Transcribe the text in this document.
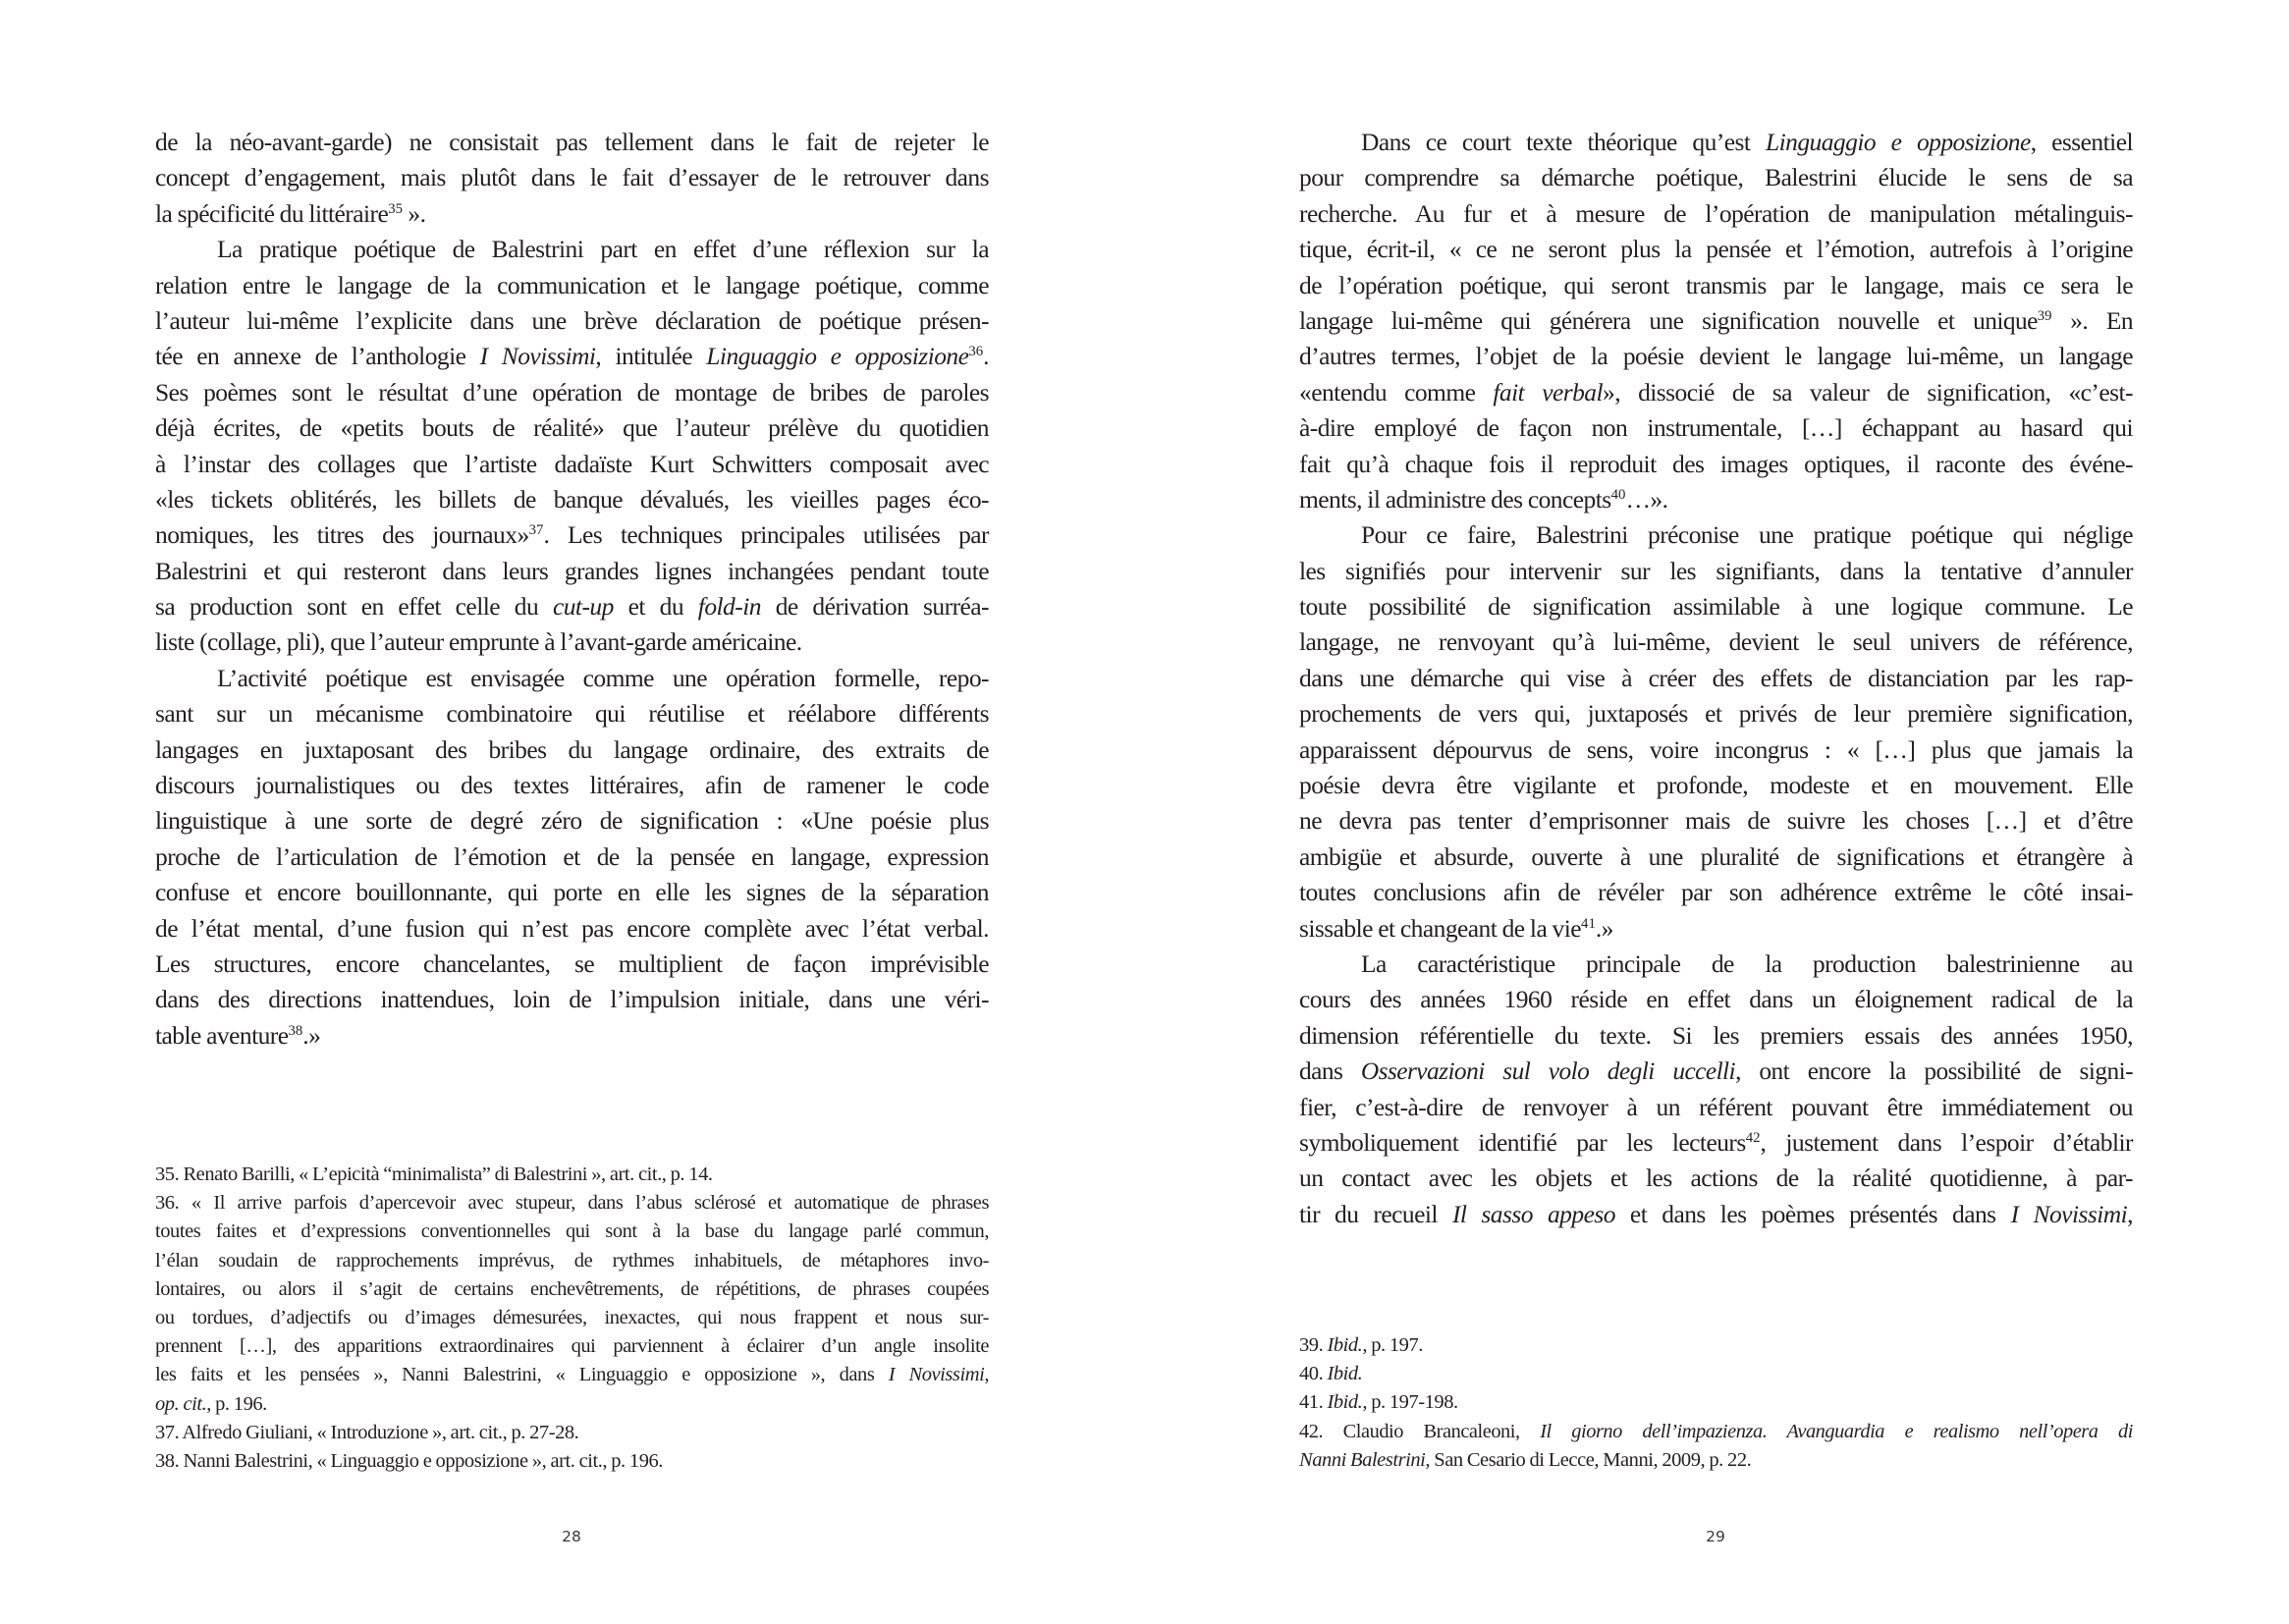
de la néo-avant-garde) ne consistait pas tellement dans le fait de rejeter le
concept d’engagement, mais plutôt dans le fait d’essayer de le retrouver dans
la spécificité du littéraire$^{35}$ ».
La pratique poétique de Balestrini part en effet d’une réflexion sur la
relation entre le langage de la communication et le langage poétique, comme
l’auteur lui-même l’explicite dans une brève déclaration de poétique présen-
tée en annexe de l’anthologie I Novissimi, intitulée Linguaggio e opposizione$^{36}$.
Ses poèmes sont le résultat d’une opération de montage de bribes de paroles
déjà écrites, de «petits bouts de réalité» que l’auteur prélève du quotidien
à l’instar des collages que l’artiste dadaïste Kurt Schwitters composait avec
«les tickets oblitérés, les billets de banque dévalués, les vieilles pages éco-
nomiques, les titres des journaux»$^{37}$. Les techniques principales utilisées par
Balestrini et qui resteront dans leurs grandes lignes inchangées pendant toute
sa production sont en effet celle du cut-up et du fold-in de dérivation surréa-
liste (collage, pli), que l’auteur emprunte à l’avant-garde américaine.
L’activité poétique est envisagée comme une opération formelle, repo-
sant sur un mécanisme combinatoire qui réutilise et réélabore différents
langages en juxtaposant des bribes du langage ordinaire, des extraits de
discours journalistiques ou des textes littéraires, afin de ramener le code
linguistique à une sorte de degré zéro de signification : «Une poésie plus
proche de l’articulation de l’émotion et de la pensée en langage, expression
confuse et encore bouillonnante, qui porte en elle les signes de la séparation
de l’état mental, d’une fusion qui n’est pas encore complète avec l’état verbal.
Les structures, encore chancelantes, se multiplient de façon imprévisible
dans des directions inattendues, loin de l’impulsion initiale, dans une véri-
table aventure$^{38}$.»
35. Renato Barilli, « L’epicità “minimalista” di Balestrini », art. cit., p. 14.
36. « Il arrive parfois d’apercevoir avec stupeur, dans l’abus sclérosé et automatique de phrases
toutes faites et d’expressions conventionnelles qui sont à la base du langage parlé commun,
l’élan soudain de rapprochements imprévus, de rythmes inhabituels, de métaphores invo-
lontaires, ou alors il s’agit de certains enchevêtrements, de répétitions, de phrases coupées
ou tordues, d’adjectifs ou d’images démesurées, inexactes, qui nous frappent et nous sur-
prennent […], des apparitions extraordinaires qui parviennent à éclairer d’un angle insolite
les faits et les pensées », Nanni Balestrini, « Linguaggio e opposizione », dans I Novissimi,
op. cit., p. 196.
37. Alfredo Giuliani, « Introduzione », art. cit., p. 27-28.
38. Nanni Balestrini, « Linguaggio e opposizione », art. cit., p. 196.
28
Dans ce court texte théorique qu’est Linguaggio e opposizione, essentiel
pour comprendre sa démarche poétique, Balestrini élucide le sens de sa
recherche. Au fur et à mesure de l’opération de manipulation métalinguis-
tique, écrit-il, « ce ne seront plus la pensée et l’émotion, autrefois à l’origine
de l’opération poétique, qui seront transmis par le langage, mais ce sera le
langage lui-même qui générera une signification nouvelle et unique$^{39}$ ». En
d’autres termes, l’objet de la poésie devient le langage lui-même, un langage
«entendu comme fait verbal», dissocié de sa valeur de signification, «c’est-
à-dire employé de façon non instrumentale, […] échappant au hasard qui
fait qu’à chaque fois il reproduit des images optiques, il raconte des événe-
ments, il administre des concepts$^{40}$…».
Pour ce faire, Balestrini préconise une pratique poétique qui néglige
les signifiés pour intervenir sur les signifiants, dans la tentative d’annuler
toute possibilité de signification assimilable à une logique commune. Le
langage, ne renvoyant qu’à lui-même, devient le seul univers de référence,
dans une démarche qui vise à créer des effets de distanciation par les rap-
prochements de vers qui, juxtaposés et privés de leur première signification,
apparaissent dépourvus de sens, voire incongrus : « […] plus que jamais la
poésie devra être vigilante et profonde, modeste et en mouvement. Elle
ne devra pas tenter d’emprisonner mais de suivre les choses […] et d’être
ambigüe et absurde, ouverte à une pluralité de significations et étrangère à
toutes conclusions afin de révéler par son adhérence extrême le côté insai-
sissable et changeant de la vie$^{41}$.»
La caractéristique principale de la production balestrinienne au
cours des années 1960 réside en effet dans un éloignement radical de la
dimension référentielle du texte. Si les premiers essais des années 1950,
dans Osservazioni sul volo degli uccelli, ont encore la possibilité de signi-
fier, c’est-à-dire de renvoyer à un référent pouvant être immédiatement ou
symboliquement identifié par les lecteurs$^{42}$, justement dans l’espoir d’établir
un contact avec les objets et les actions de la réalité quotidienne, à par-
tir du recueil Il sasso appeso et dans les poèmes présentés dans I Novissimi,
39. Ibid., p. 197.
40. Ibid.
41. Ibid., p. 197-198.
42. Claudio Brancaleoni, Il giorno dell’impazienza. Avanguardia e realismo nell’opera di
Nanni Balestrini, San Cesario di Lecce, Manni, 2009, p. 22.
29
